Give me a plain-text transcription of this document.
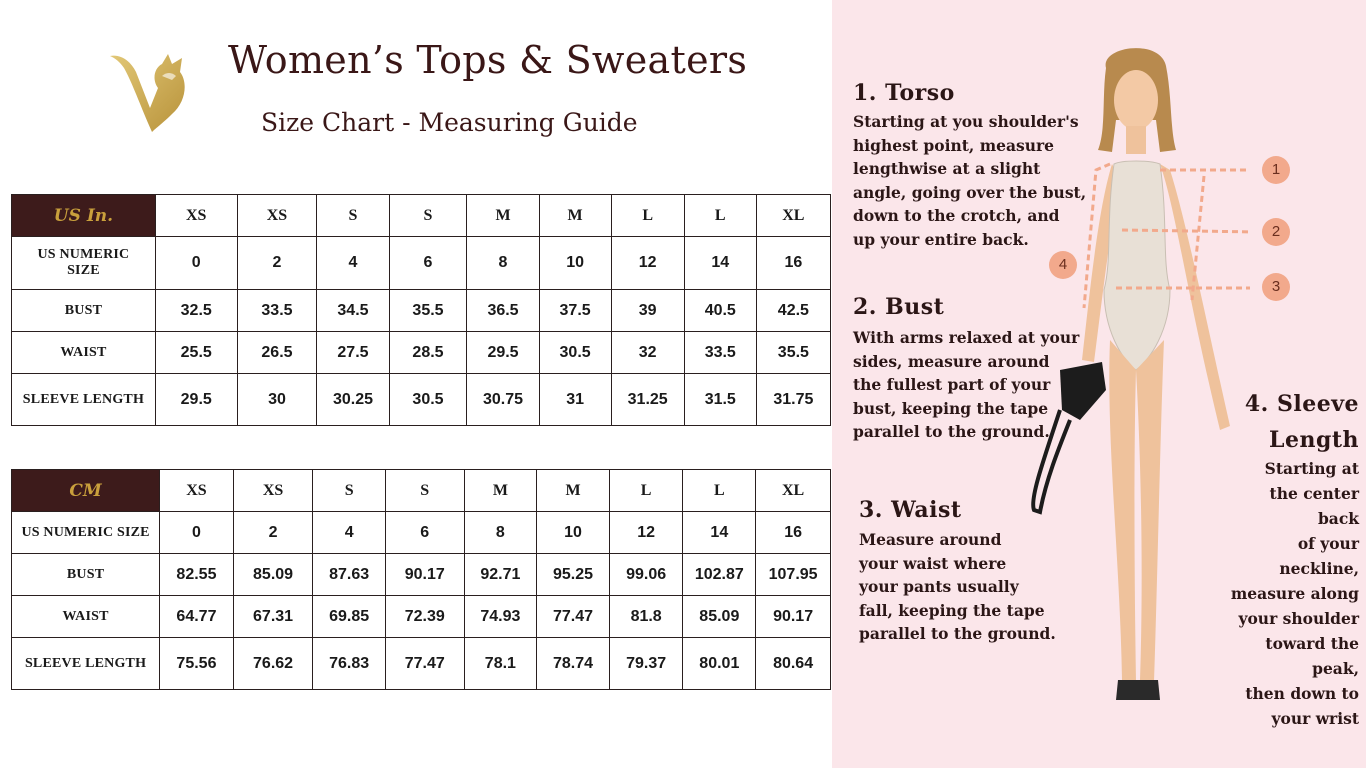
Women’s Tops & Sweaters
Size Chart - Measuring Guide
US In.	XS	XS	S	S	M	M	L	L	XL
US NUMERIC SIZE	0	2	4	6	8	10	12	14	16
BUST	32.5	33.5	34.5	35.5	36.5	37.5	39	40.5	42.5
WAIST	25.5	26.5	27.5	28.5	29.5	30.5	32	33.5	35.5
SLEEVE LENGTH	29.5	30	30.25	30.5	30.75	31	31.25	31.5	31.75
CM	XS	XS	S	S	M	M	L	L	XL
US NUMERIC SIZE	0	2	4	6	8	10	12	14	16
BUST	82.55	85.09	87.63	90.17	92.71	95.25	99.06	102.87	107.95
WAIST	64.77	67.31	69.85	72.39	74.93	77.47	81.8	85.09	90.17
SLEEVE LENGTH	75.56	76.62	76.83	77.47	78.1	78.74	79.37	80.01	80.64
1
2
3
4
1. Torso
Starting at you shoulder's
highest point, measure
lengthwise at a slight
angle, going over the bust,
down to the crotch, and
up your entire back.
2. Bust
With arms relaxed at your
sides, measure around
the fullest part of your
bust, keeping the tape
parallel to the ground.
3. Waist
Measure around
your waist where
your pants usually
fall, keeping the tape
parallel to the ground.
4. Sleeve
Length
Starting at
the center
back
of your
neckline,
measure along
your shoulder
toward the
peak,
then down to
your wrist
